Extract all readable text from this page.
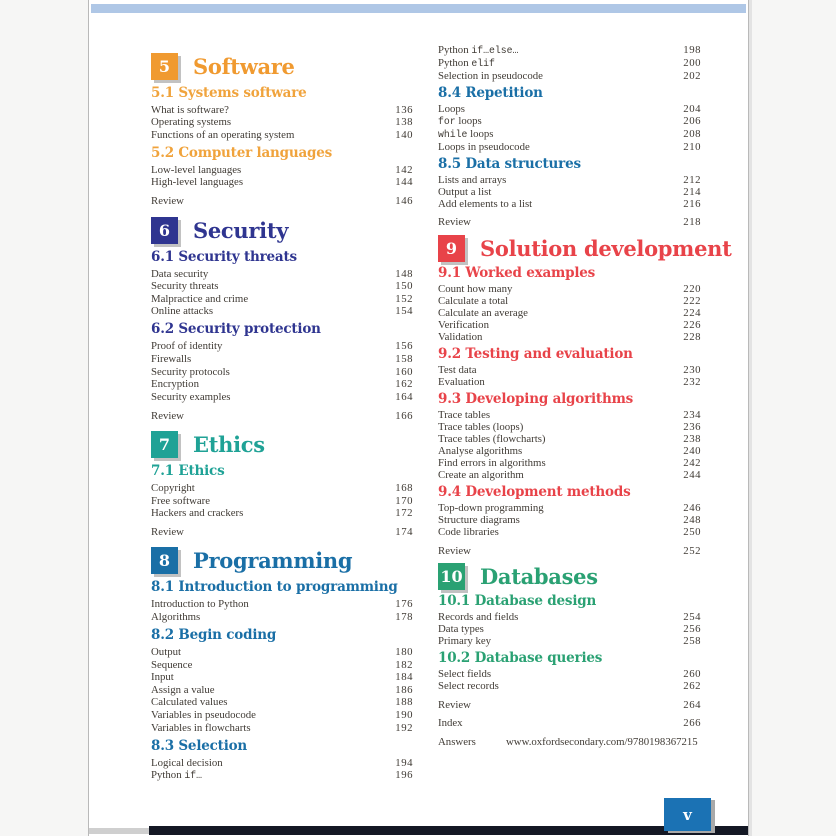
5	Software
5.1 Systems software
What is software?	136
Operating systems	138
Functions of an operating system	140
5.2 Computer languages
Low-level languages	142
High-level languages	144
Review	146
6	Security
6.1 Security threats
Data security	148
Security threats	150
Malpractice and crime	152
Online attacks	154
6.2 Security protection
Proof of identity	156
Firewalls	158
Security protocols	160
Encryption	162
Security examples	164
Review	166
7	Ethics
7.1 Ethics
Copyright	168
Free software	170
Hackers and crackers	172
Review	174
8	Programming
8.1 Introduction to programming
Introduction to Python	176
Algorithms	178
8.2 Begin coding
Output	180
Sequence	182
Input	184
Assign a value	186
Calculated values	188
Variables in pseudocode	190
Variables in flowcharts	192
8.3 Selection
Logical decision	194
Python if…	196
Python if…else…	198
Python elif	200
Selection in pseudocode	202
8.4 Repetition
Loops	204
for loops	206
while loops	208
Loops in pseudocode	210
8.5 Data structures
Lists and arrays	212
Output a list	214
Add elements to a list	216
Review	218
9	Solution development
9.1 Worked examples
Count how many	220
Calculate a total	222
Calculate an average	224
Verification	226
Validation	228
9.2 Testing and evaluation
Test data	230
Evaluation	232
9.3 Developing algorithms
Trace tables	234
Trace tables (loops)	236
Trace tables (flowcharts)	238
Analyse algorithms	240
Find errors in algorithms	242
Create an algorithm	244
9.4 Development methods
Top-down programming	246
Structure diagrams	248
Code libraries	250
Review	252
10 Databases
10.1 Database design
Records and fields	254
Data types	256
Primary key	258
10.2 Database queries
Select fields	260
Select records	262
Review	264
Index	266
Answers	www.oxfordsecondary.com/9780198367215
v
